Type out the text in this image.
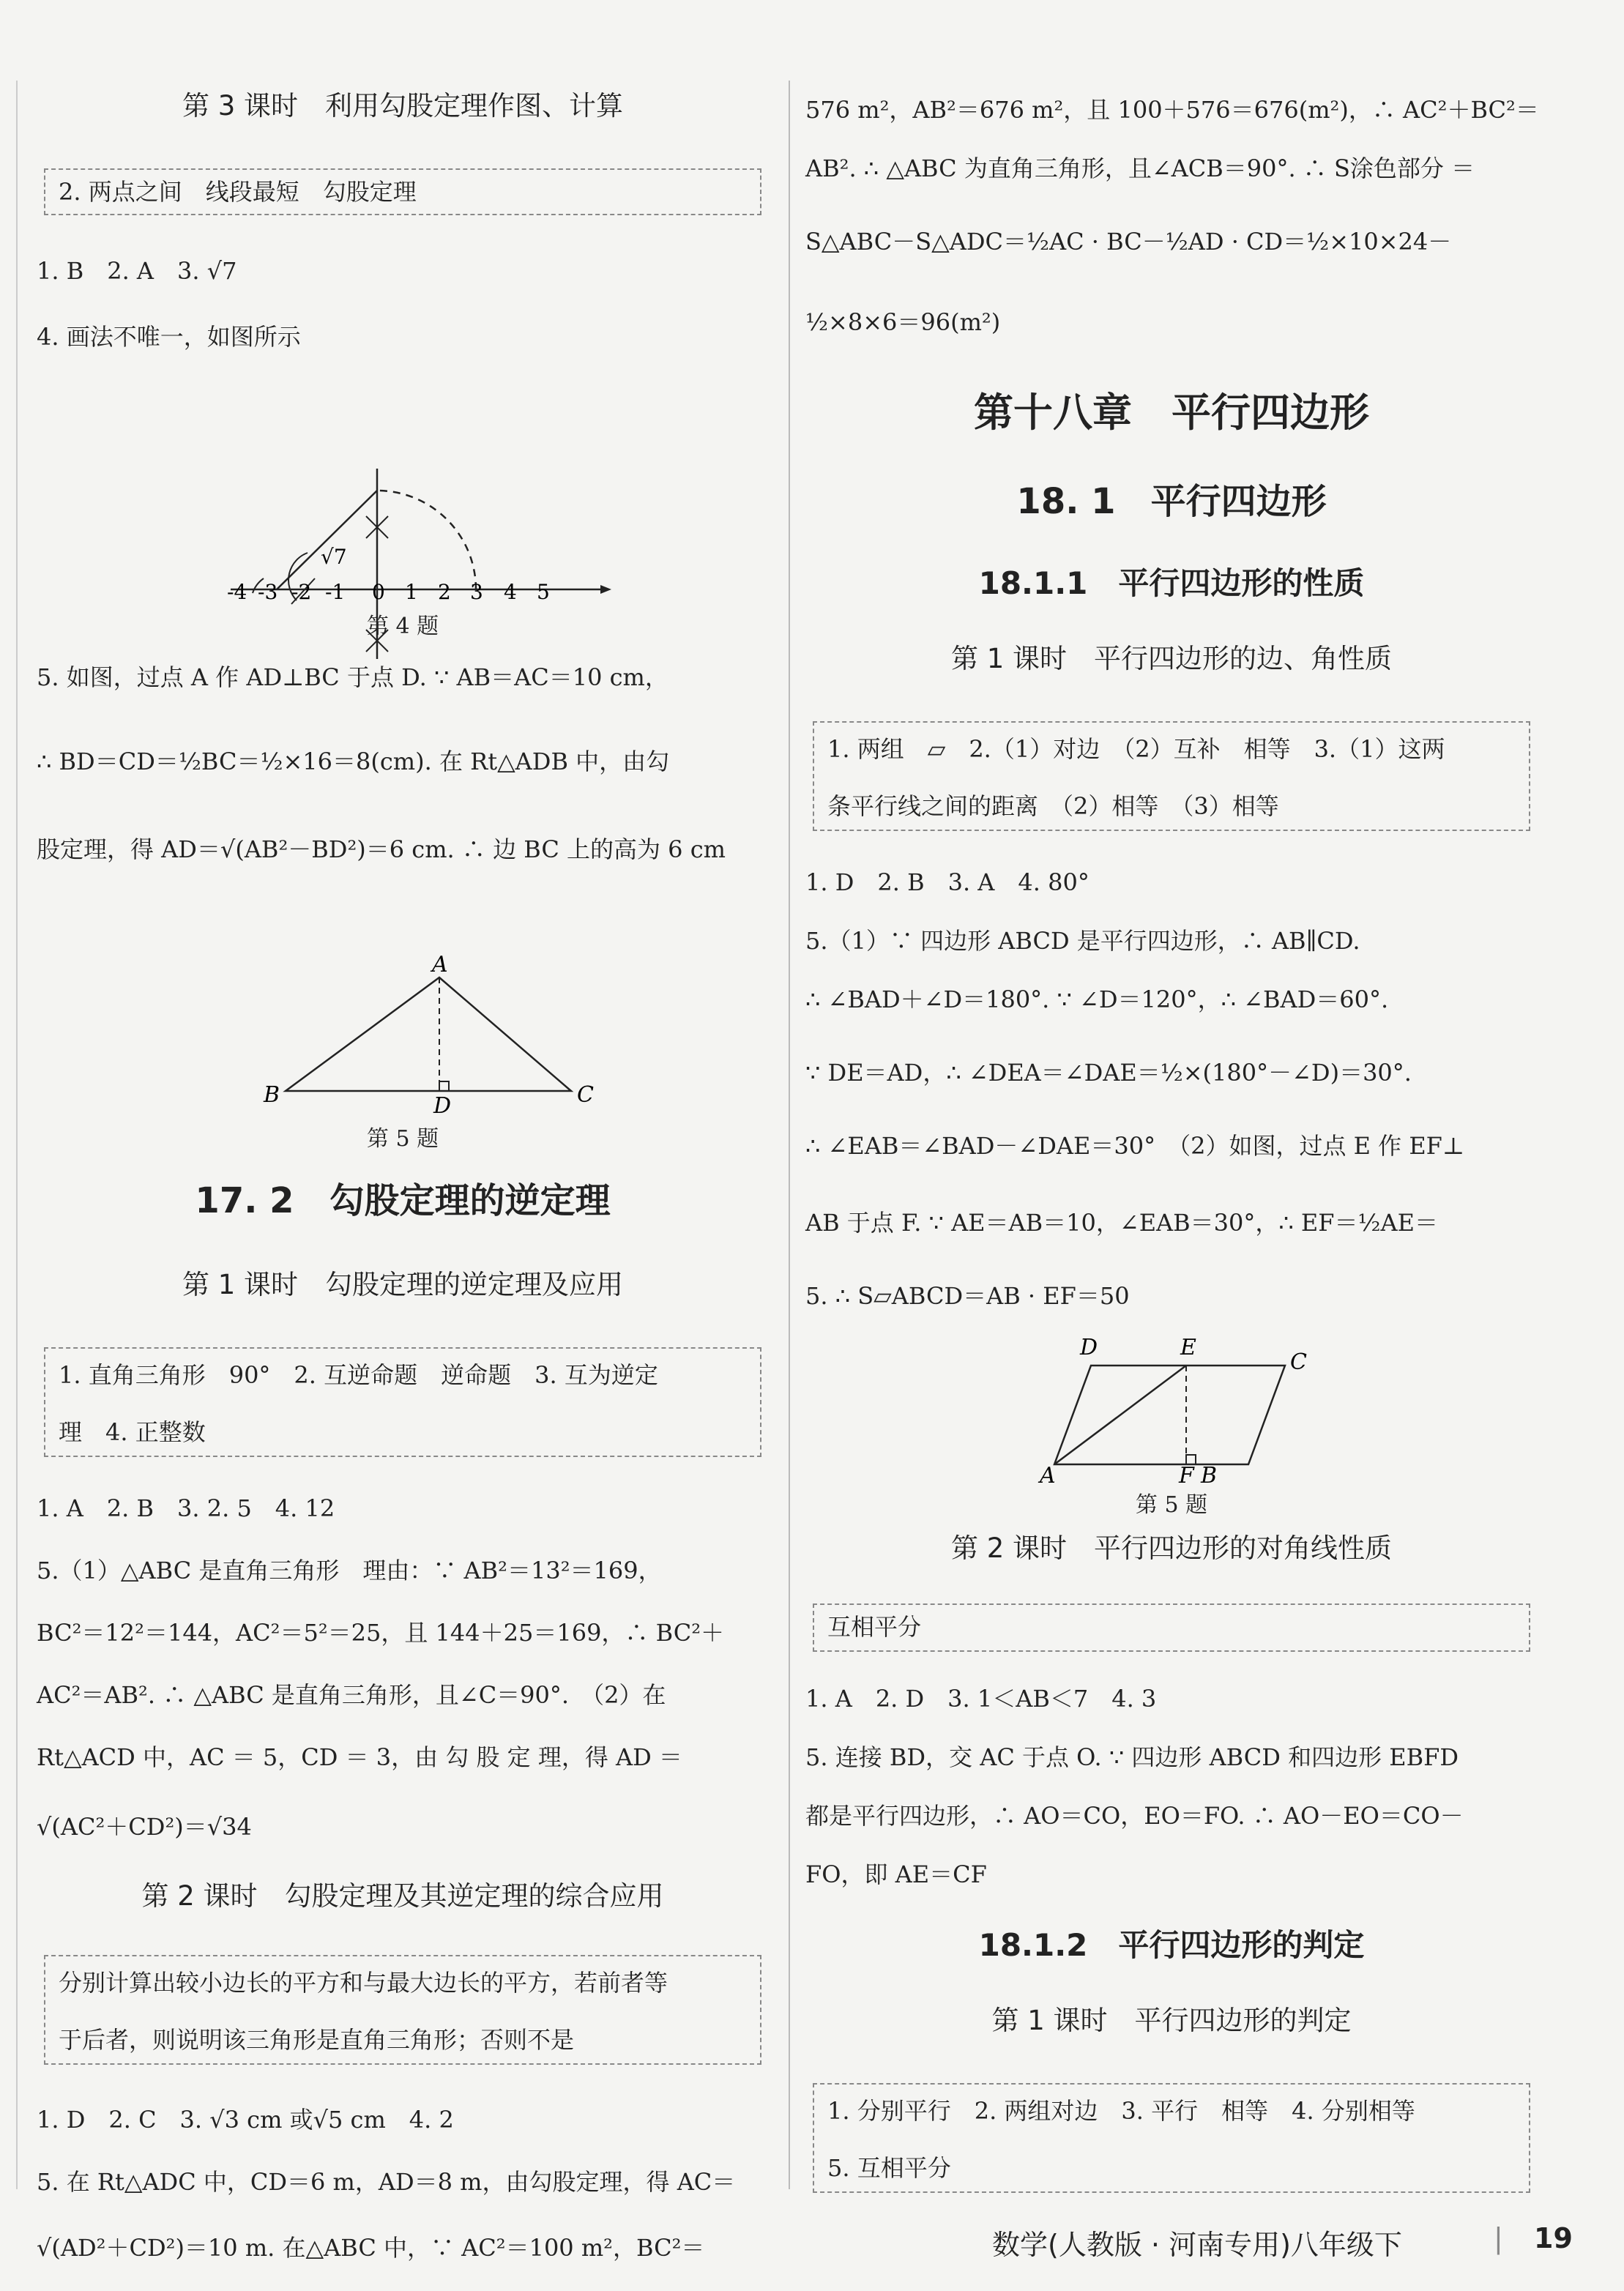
第 3 课时　利用勾股定理作图、计算
2. 两点之间　线段最短　勾股定理
1. B　2. A　3. √7
4. 画法不唯一，如图所示
√7
-4 -3 -2 -1 0 1 2 3 4 5
第 4 题
5. 如图，过点 A 作 AD⊥BC 于点 D. ∵ AB＝AC＝10 cm，
∴ BD＝CD＝½BC＝½×16＝8(cm). 在 Rt△ADB 中，由勾
股定理，得 AD＝√(AB²－BD²)＝6 cm. ∴ 边 BC 上的高为 6 cm
A
B	C
D
第 5 题
17. 2　勾股定理的逆定理
第 1 课时　勾股定理的逆定理及应用
1. 直角三角形　90°　2. 互逆命题　逆命题　3. 互为逆定
理　4. 正整数
1. A　2. B　3. 2. 5　4. 12
5.（1）△ABC 是直角三角形　理由：∵ AB²＝13²＝169，
BC²＝12²＝144，AC²＝5²＝25，且 144＋25＝169，∴ BC²＋
AC²＝AB². ∴ △ABC 是直角三角形，且∠C＝90°.　（2）在
Rt△ACD 中，AC ＝ 5，CD ＝ 3，由 勾 股 定 理，得 AD ＝
√(AC²＋CD²)＝√34
第 2 课时　勾股定理及其逆定理的综合应用
分别计算出较小边长的平方和与最大边长的平方，若前者等
于后者，则说明该三角形是直角三角形；否则不是
1. D　2. C　3. √3 cm 或√5 cm　4. 2
5. 在 Rt△ADC 中，CD＝6 m，AD＝8 m，由勾股定理，得 AC＝
√(AD²＋CD²)＝10 m. 在△ABC 中，∵ AC²＝100 m²，BC²＝
576 m²，AB²＝676 m²，且 100＋576＝676(m²)，∴ AC²＋BC²＝
AB². ∴ △ABC 为直角三角形，且∠ACB＝90°. ∴ S涂色部分 ＝
S△ABC－S△ADC＝½AC · BC－½AD · CD＝½×10×24－
½×8×6＝96(m²)
第十八章　平行四边形
18. 1　平行四边形
18.1.1　平行四边形的性质
第 1 课时　平行四边形的边、角性质
1. 两组　▱　2.（1）对边　（2）互补　相等　3.（1）这两
条平行线之间的距离　（2）相等　（3）相等
1. D　2. B　3. A　4. 80°
5.（1）∵ 四边形 ABCD 是平行四边形，∴ AB∥CD.
∴ ∠BAD＋∠D＝180°. ∵ ∠D＝120°，∴ ∠BAD＝60°.
∵ DE＝AD，∴ ∠DEA＝∠DAE＝½×(180°－∠D)＝30°.
∴ ∠EAB＝∠BAD－∠DAE＝30°　（2）如图，过点 E 作 EF⊥
AB 于点 F. ∵ AE＝AB＝10，∠EAB＝30°，∴ EF＝½AE＝
5. ∴ S▱ABCD＝AB · EF＝50
A	B
C
D	E
F
第 5 题
第 2 课时　平行四边形的对角线性质
互相平分
1. A　2. D　3. 1＜AB＜7　4. 3
5. 连接 BD，交 AC 于点 O. ∵ 四边形 ABCD 和四边形 EBFD
都是平行四边形，∴ AO＝CO，EO＝FO. ∴ AO－EO＝CO－
FO，即 AE＝CF
18.1.2　平行四边形的判定
第 1 课时　平行四边形的判定
1. 分别平行　2. 两组对边　3. 平行　相等　4. 分别相等
5. 互相平分
数学(人教版 · 河南专用)八年级下	| 19
